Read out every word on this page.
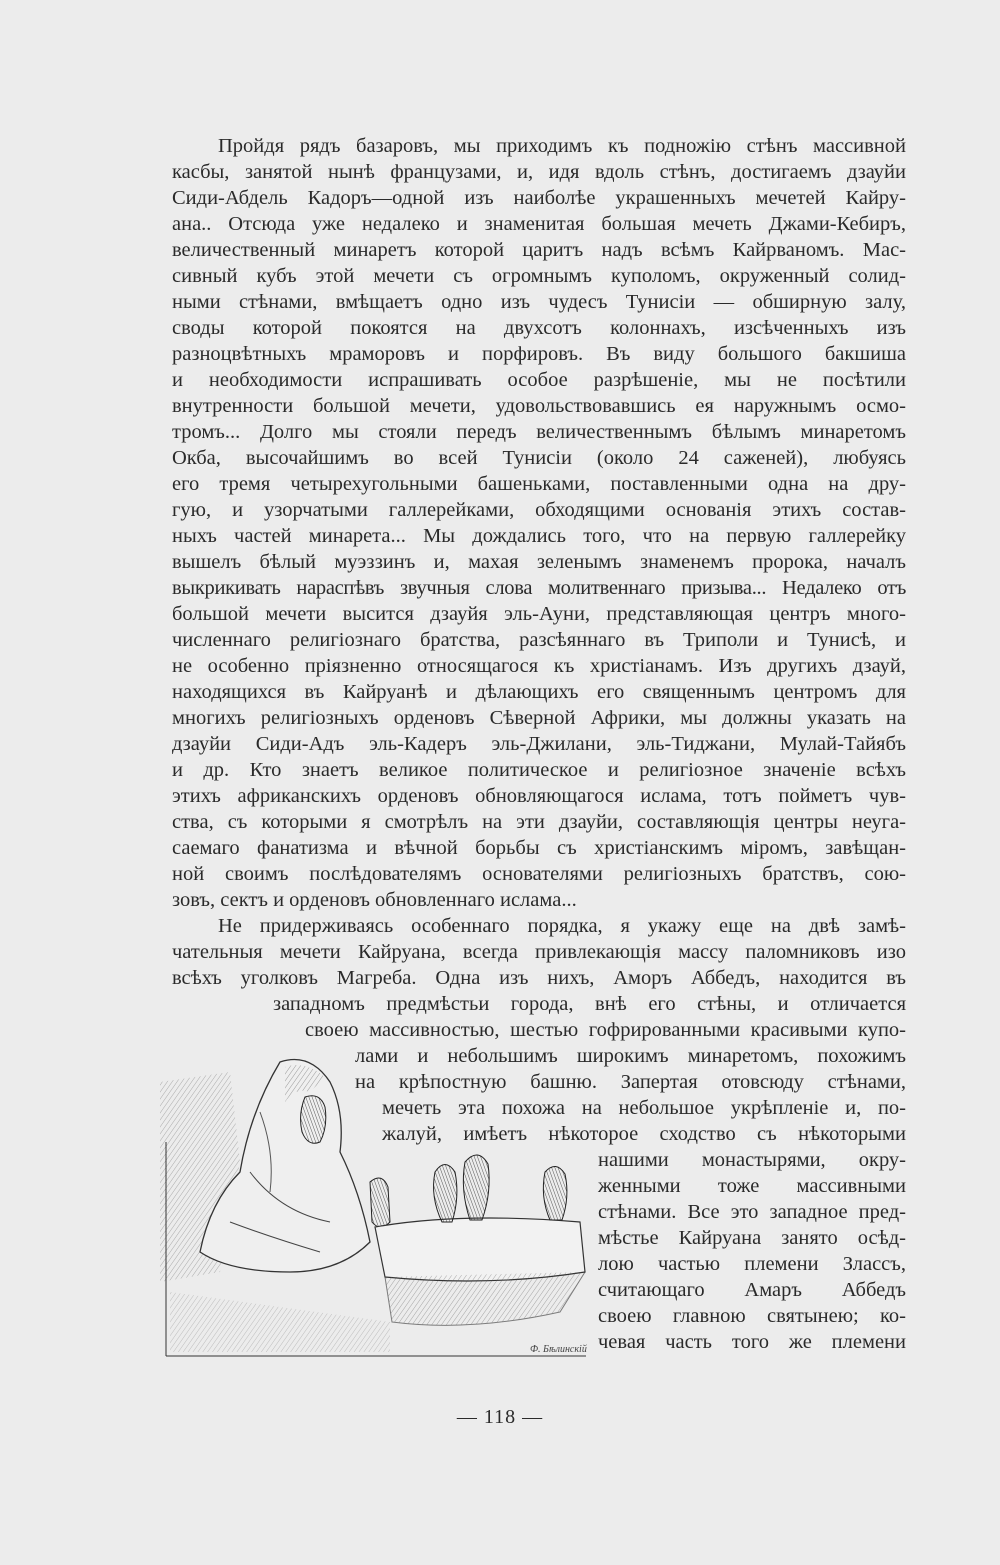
Пройдя рядъ базаровъ, мы приходимъ къ подножію стѣнъ массивной
касбы, занятой нынѣ французами, и, идя вдоль стѣнъ, достигаемъ дзауйи
Сиди-Абдель Кадоръ—одной изъ наиболѣе украшенныхъ мечетей Кайру-
ана.. Отсюда уже недалеко и знаменитая большая мечеть Джами-Кебиръ,
величественный минаретъ которой царитъ надъ всѣмъ Кайрваномъ. Мас-
сивный кубъ этой мечети съ огромнымъ куполомъ, окруженный солид-
ными стѣнами, вмѣщаетъ одно изъ чудесъ Тунисіи — обширную залу,
своды которой покоятся на двухсотъ колоннахъ, изсѣченныхъ изъ
разноцвѣтныхъ мраморовъ и порфировъ. Въ виду большого бакшиша
и необходимости испрашивать особое разрѣшеніе, мы не посѣтили
внутренности большой мечети, удовольствовавшись ея наружнымъ осмо-
тромъ... Долго мы стояли передъ величественнымъ бѣлымъ минаретомъ
Окба, высочайшимъ во всей Тунисіи (около 24 саженей), любуясь
его тремя четырехугольными башеньками, поставленными одна на дру-
гую, и узорчатыми галлерейками, обходящими основанія этихъ состав-
ныхъ частей минарета... Мы дождались того, что на первую галлерейку
вышелъ бѣлый муэззинъ и, махая зеленымъ знаменемъ пророка, началъ
выкрикивать нараспѣвъ звучныя слова молитвеннаго призыва... Недалеко отъ
большой мечети высится дзауйя эль-Ауни, представляющая центръ много-
численнаго религіознаго братства, разсѣяннаго въ Триполи и Тунисѣ, и
не особенно пріязненно относящагося къ христіанамъ. Изъ другихъ дзауй,
находящихся въ Кайруанѣ и дѣлающихъ его священнымъ центромъ для
многихъ религіозныхъ орденовъ Сѣверной Африки, мы должны указать на
дзауйи Сиди-Адъ эль-Кадеръ эль-Джилани, эль-Тиджани, Мулай-Тайябъ
и др. Кто знаетъ великое политическое и религіозное значеніе всѣхъ
этихъ африканскихъ орденовъ обновляющагося ислама, тотъ пойметъ чув-
ства, съ которыми я смотрѣлъ на эти дзауйи, составляющія центры неуга-
саемаго фанатизма и вѣчной борьбы съ христіанскимъ міромъ, завѣщан-
ной своимъ послѣдователямъ основателями религіозныхъ братствъ, сою-
зовъ, сектъ и орденовъ обновленнаго ислама...
Не придерживаясь особеннаго порядка, я укажу еще на двѣ замѣ-
чательныя мечети Кайруана, всегда привлекающія массу паломниковъ изо
всѣхъ уголковъ Магреба. Одна изъ нихъ, Аморъ Аббедъ, находится въ
западномъ предмѣстьи города, внѣ его стѣны, и отличается
своею массивностью, шестью гофрированными красивыми купо-
лами и небольшимъ широкимъ минаретомъ, похожимъ
на крѣпостную башню. Запертая отовсюду стѣнами,
мечеть эта похожа на небольшое укрѣпленіе и, по-
жалуй, имѣетъ нѣкоторое сходство съ нѣкоторыми
нашими монастырями, окру-
женными тоже массивными
стѣнами. Все это западное пред-
мѣстье Кайруана занято осѣд-
лою частью племени Злассъ,
считающаго Амаръ Аббедъ
своею главною святынею; ко-
чевая часть того же племени
Ф. Бѣлинскій
— 118 —
